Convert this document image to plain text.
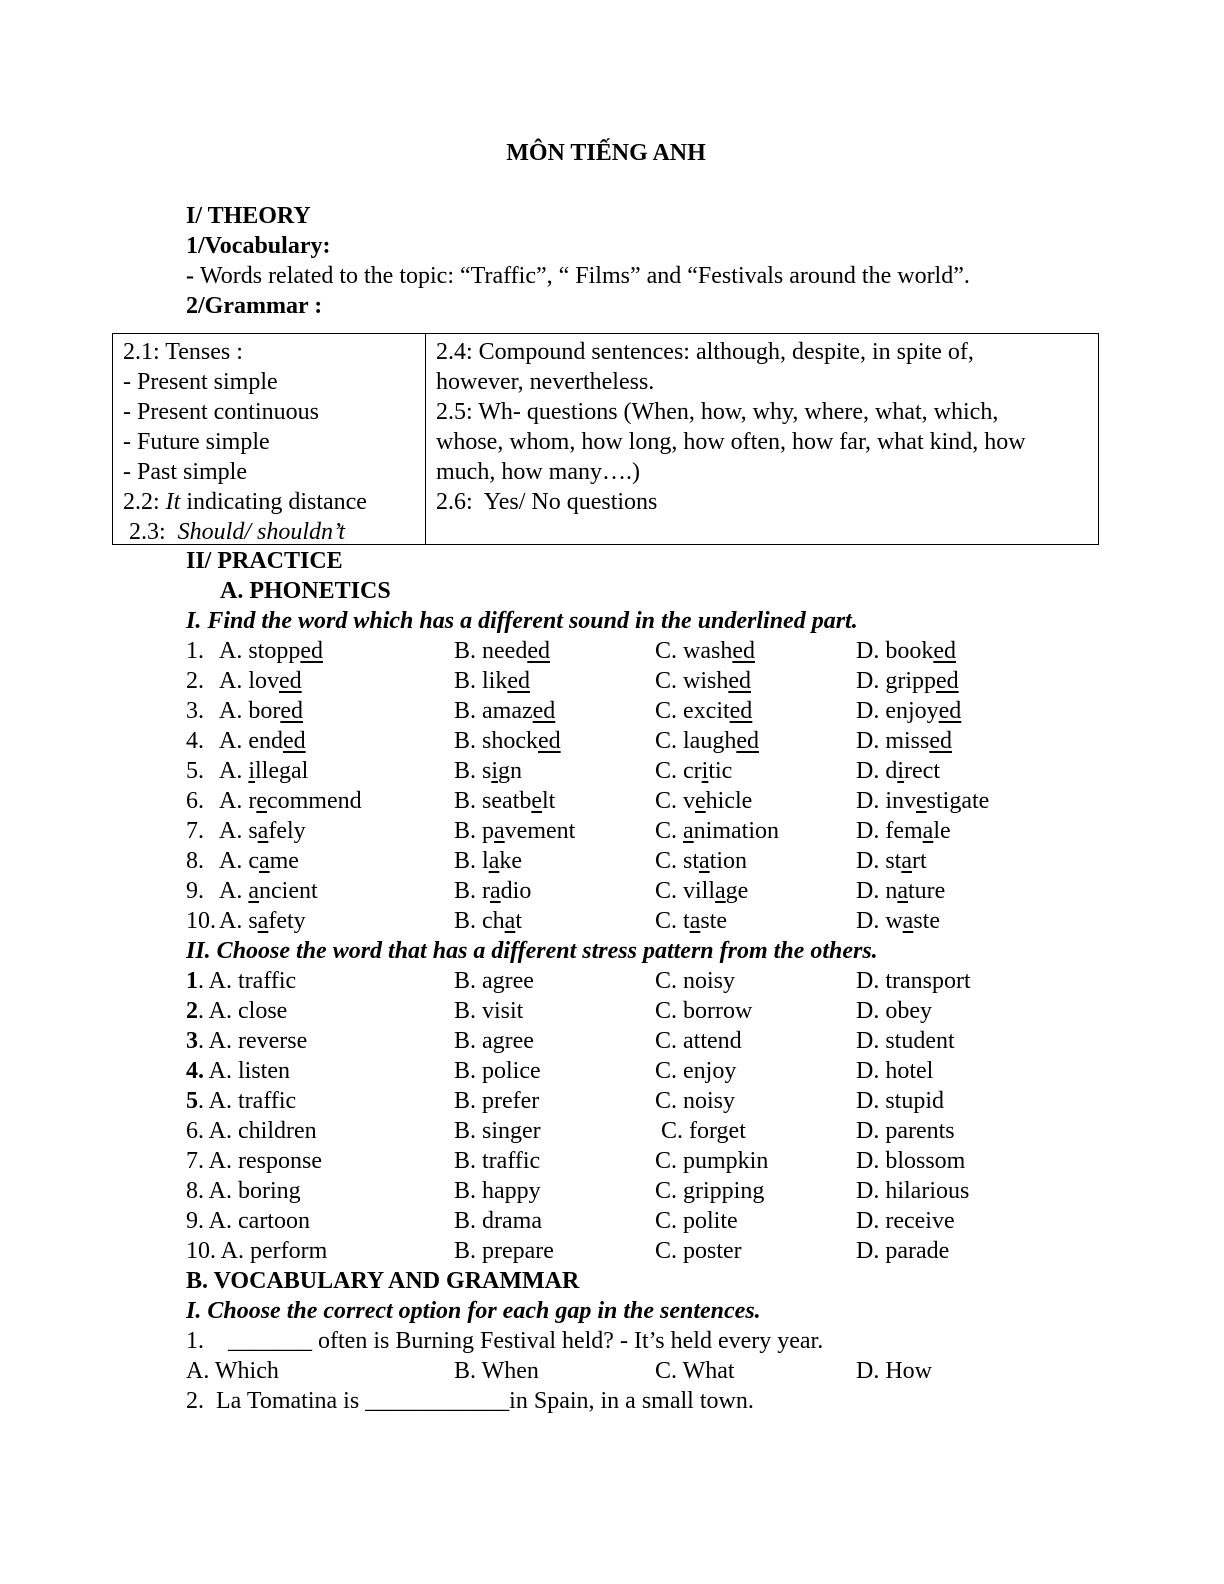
MÔN TIẾNG ANH
I/ THEORY
1/Vocabulary:
- Words related to the topic: “Traffic”, “ Films” and “Festivals around the world”.
2/Grammar :
2.1: Tenses :
- Present simple
- Present continuous
- Future simple
- Past simple
2.2: It indicating distance
2.3:  Should/ shouldn’t
2.4: Compound sentences: although, despite, in spite of,
however, nevertheless.
2.5: Wh- questions (When, how, why, where, what, which,
whose, whom, how long, how often, how far, what kind, how
much, how many….)
2.6:  Yes/ No questions
II/ PRACTICE
A. PHONETICS
I. Find the word which has a different sound in the underlined part.
1. A. stopped	B. needed	C. washed	D. booked
2. A. loved	B. liked	C. wished	D. gripped
3. A. bored	B. amazed	C. excited	D. enjoyed
4. A. ended	B. shocked	C. laughed	D. missed
5. A. illegal	B. sign	C. critic	D. direct
6. A. recommend	B. seatbelt	C. vehicle	D. investigate
7. A. safely	B. pavement	C. animation	D. female
8. A. came	B. lake	C. station	D. start
9. A. ancient	B. radio	C. village	D. nature
10. A. safety	B. chat	C. taste	D. waste
II. Choose the word that has a different stress pattern from the others.
1. A. traffic	B. agree	C. noisy	D. transport
2. A. close	B. visit	C. borrow	D. obey
3. A. reverse	B. agree	C. attend	D. student
4. A. listen	B. police	C. enjoy	D. hotel
5. A. traffic	B. prefer	C. noisy	D. stupid
6. A. children	B. singer	C. forget	D. parents
7. A. response	B. traffic	C. pumpkin	D. blossom
8. A. boring	B. happy	C. gripping	D. hilarious
9. A. cartoon	B. drama	C. polite	D. receive
10. A. perform	B. prepare	C. poster	D. parade
B. VOCABULARY AND GRAMMAR
I. Choose the correct option for each gap in the sentences.
1.    _______ often is Burning Festival held? - It’s held every year.
A. Which	B. When	C. What	D. How
2.  La Tomatina is ____________in Spain, in a small town.
